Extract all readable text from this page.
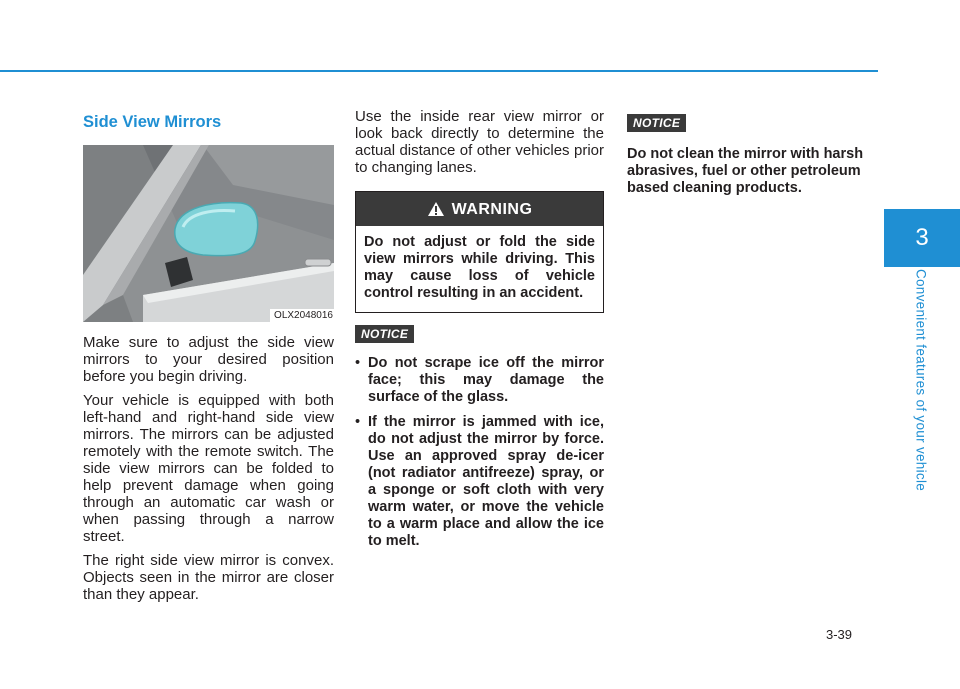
3
Convenient features of your vehicle
Side View Mirrors
OLX2048016

Make sure to adjust the side view mirrors to your desired position before you begin driving.

Your vehicle is equipped with both left-hand and right-hand side view mirrors. The mirrors can be adjusted remotely with the remote switch. The side view mirrors can be folded to help prevent damage when going through an automatic car wash or when passing through a narrow street.

The right side view mirror is convex. Objects seen in the mirror are closer than they appear.

Use the inside rear view mirror or look back directly to determine the actual distance of other vehicles prior to changing lanes.

WARNING
Do not adjust or fold the side view mirrors while driving. This may cause loss of vehicle control resulting in an accident.
NOTICE
• Do not scrape ice off the mirror face; this may damage the surface of the glass.
• If the mirror is jammed with ice, do not adjust the mirror by force. Use an approved spray de-icer (not radiator antifreeze) spray, or a sponge or soft cloth with very warm water, or move the vehicle to a warm place and allow the ice to melt.
NOTICE
Do not clean the mirror with harsh abrasives, fuel or other petroleum based cleaning products.
3-39
